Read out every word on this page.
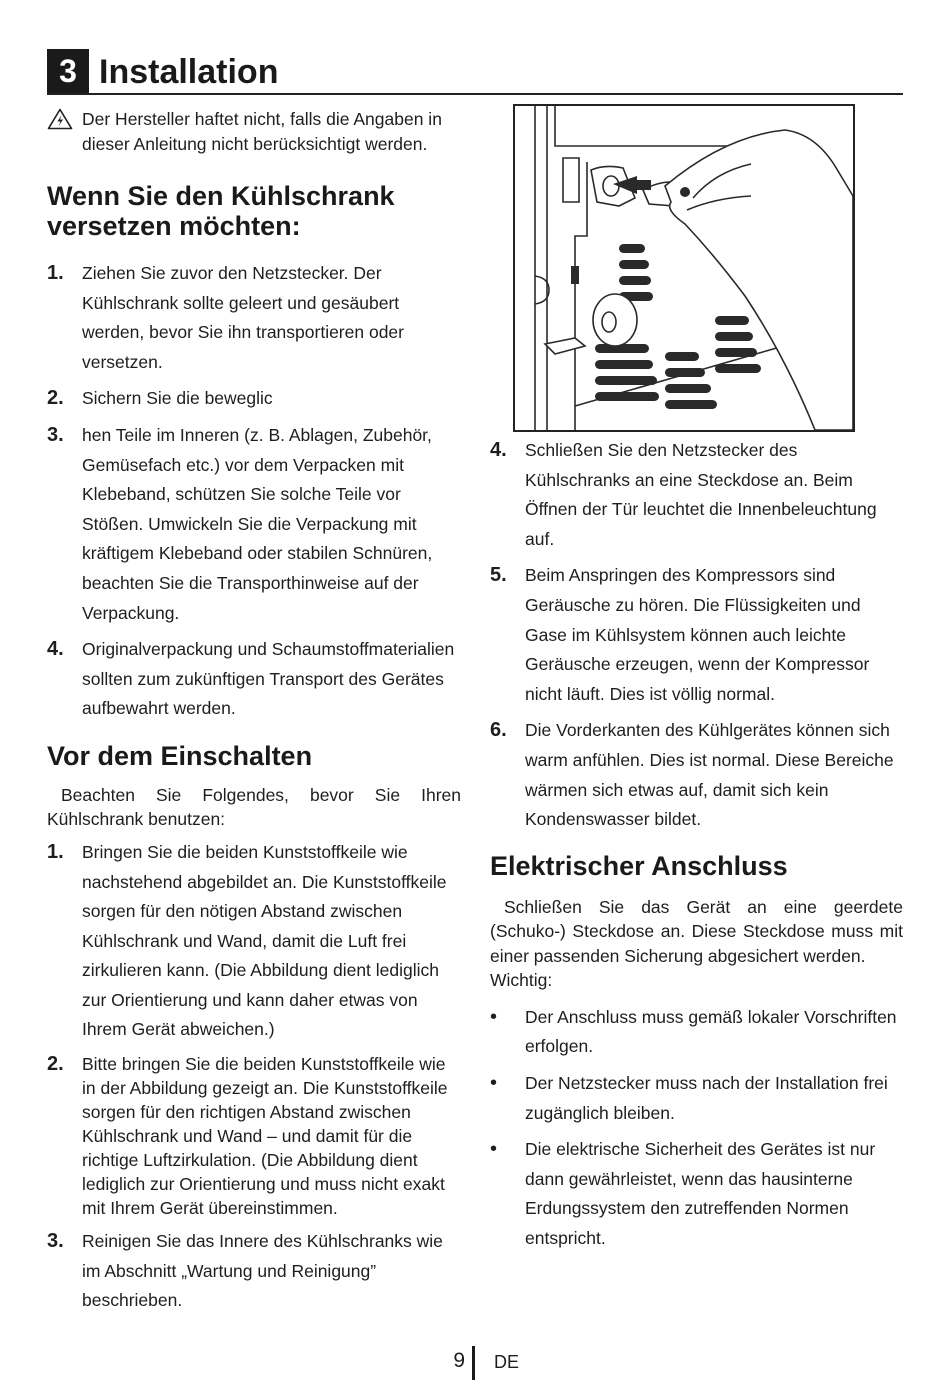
3 Installation
Der Hersteller haftet nicht, falls die Angaben in dieser Anleitung nicht berücksichtigt werden.
Wenn Sie den Kühlschrank versetzen möchten:
1. Ziehen Sie zuvor den Netzstecker. Der Kühlschrank sollte geleert und gesäubert werden, bevor Sie ihn transportieren oder versetzen.
2. Sichern Sie die beweglic
3. hen Teile im Inneren (z. B. Ablagen, Zubehör, Gemüsefach etc.) vor dem Verpacken mit Klebeband, schützen Sie solche Teile vor Stößen. Umwickeln Sie die Verpackung mit kräftigem Klebeband oder stabilen Schnüren, beachten Sie die Transporthinweise auf der Verpackung.
4. Originalverpackung und Schaumstoffmaterialien sollten zum zukünftigen Transport des Gerätes aufbewahrt werden.
Vor dem Einschalten

Beachten Sie Folgendes, bevor Sie Ihren Kühlschrank benutzen:

1. Bringen Sie die beiden Kunststoffkeile wie nachstehend abgebildet an. Die Kunststoffkeile sorgen für den nötigen Abstand zwischen Kühlschrank und Wand, damit die Luft frei zirkulieren kann. (Die Abbildung dient lediglich zur Orientierung und kann daher etwas von Ihrem Gerät abweichen.)
2. Bitte bringen Sie die beiden Kunststoffkeile wie in der Abbildung gezeigt an. Die Kunststoffkeile sorgen für den richtigen Abstand zwischen Kühlschrank und Wand – und damit für die richtige Luftzirkulation. (Die Abbildung dient lediglich zur Orientierung und muss nicht exakt mit Ihrem Gerät übereinstimmen.
3. Reinigen Sie das Innere des Kühlschranks wie im Abschnitt „Wartung und Reinigung” beschrieben.
4. Schließen Sie den Netzstecker des Kühlschranks an eine Steckdose an. Beim Öffnen der Tür leuchtet die Innenbeleuchtung auf.
5. Beim Anspringen des Kompressors sind Geräusche zu hören. Die Flüssigkeiten und Gase im Kühlsystem können auch leichte Geräusche erzeugen, wenn der Kompressor nicht läuft. Dies ist völlig normal.
6. Die Vorderkanten des Kühlgerätes können sich warm anfühlen. Dies ist normal. Diese Bereiche wärmen sich etwas auf, damit sich kein Kondenswasser bildet.
Elektrischer Anschluss

Schließen Sie das Gerät an eine geerdete (Schuko-) Steckdose an. Diese Steckdose muss mit einer passenden Sicherung abgesichert werden.

Wichtig:

• Der Anschluss muss gemäß lokaler Vorschriften erfolgen.
• Der Netzstecker muss nach der Installation frei zugänglich bleiben.
• Die elektrische Sicherheit des Gerätes ist nur dann gewährleistet, wenn das hausinterne Erdungssystem den zutreffenden Normen entspricht.
9 DE
